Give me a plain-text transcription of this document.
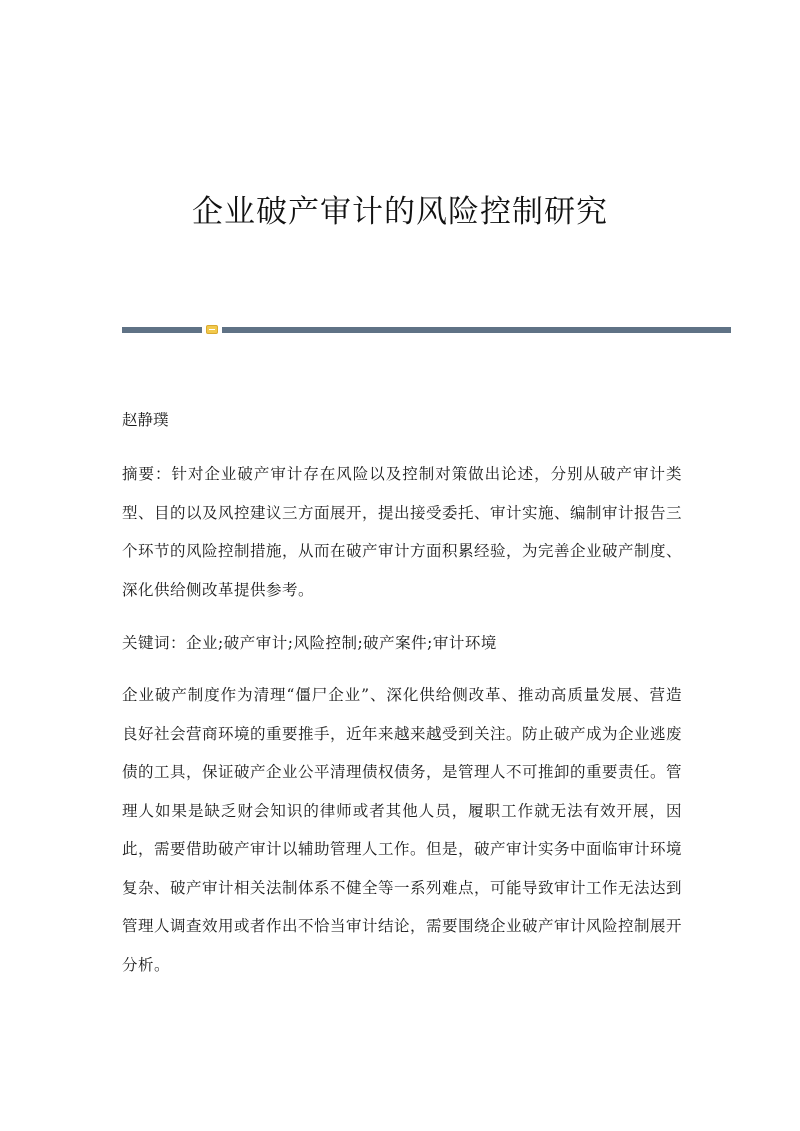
企业破产审计的风险控制研究
赵静璞
摘要：针对企业破产审计存在风险以及控制对策做出论述，分别从破产审计类型、目的以及风控建议三方面展开，提出接受委托、审计实施、编制审计报告三个环节的风险控制措施，从而在破产审计方面积累经验，为完善企业破产制度、深化供给侧改革提供参考。
关键词：企业;破产审计;风险控制;破产案件;审计环境
企业破产制度作为清理“僵尸企业”、深化供给侧改革、推动高质量发展、营造良好社会营商环境的重要推手，近年来越来越受到关注。防止破产成为企业逃废债的工具，保证破产企业公平清理债权债务，是管理人不可推卸的重要责任。管理人如果是缺乏财会知识的律师或者其他人员，履职工作就无法有效开展，因此，需要借助破产审计以辅助管理人工作。但是，破产审计实务中面临审计环境复杂、破产审计相关法制体系不健全等一系列难点，可能导致审计工作无法达到管理人调查效用或者作出不恰当审计结论，需要围绕企业破产审计风险控制展开分析。
